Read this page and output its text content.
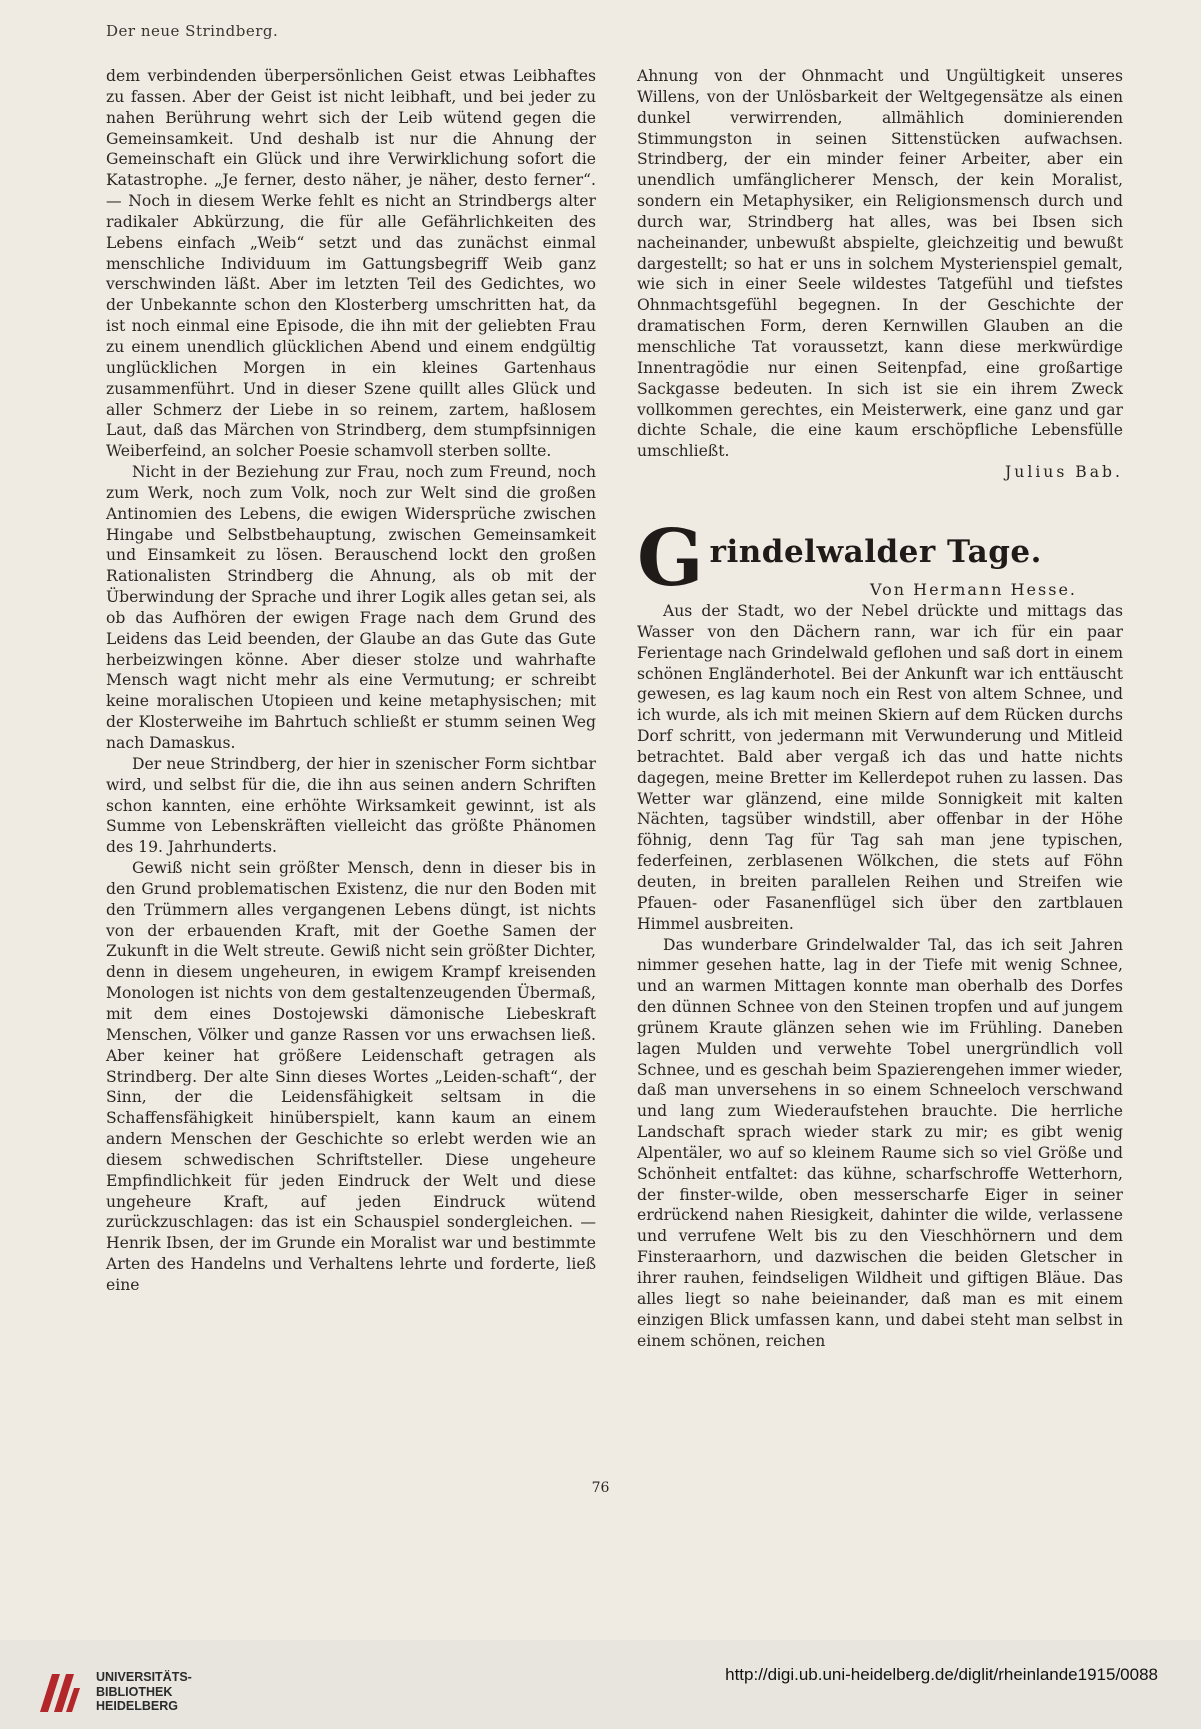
Der neue Strindberg.

dem verbindenden überpersönlichen Geist etwas Leibhaftes zu fassen. Aber der Geist ist nicht leibhaft, und bei jeder zu nahen Berührung wehrt sich der Leib wütend gegen die Gemeinsamkeit. Und deshalb ist nur die Ahnung der Gemeinschaft ein Glück und ihre Verwirklichung sofort die Katastrophe. „Je ferner, desto näher, je näher, desto ferner“. — Noch in diesem Werke fehlt es nicht an Strindbergs alter radikaler Abkürzung, die für alle Gefährlichkeiten des Lebens einfach „Weib“ setzt und das zunächst einmal menschliche Individuum im Gattungsbegriff Weib ganz verschwinden läßt. Aber im letzten Teil des Gedichtes, wo der Unbekannte schon den Klosterberg umschritten hat, da ist noch einmal eine Episode, die ihn mit der geliebten Frau zu einem unendlich glücklichen Abend und einem endgültig unglücklichen Morgen in ein kleines Gartenhaus zusammenführt. Und in dieser Szene quillt alles Glück und aller Schmerz der Liebe in so reinem, zartem, haßlosem Laut, daß das Märchen von Strindberg, dem stumpfsinnigen Weiberfeind, an solcher Poesie schamvoll sterben sollte.

Nicht in der Beziehung zur Frau, noch zum Freund, noch zum Werk, noch zum Volk, noch zur Welt sind die großen Antinomien des Lebens, die ewigen Widersprüche zwischen Hingabe und Selbstbehauptung, zwischen Gemeinsamkeit und Einsamkeit zu lösen. Berauschend lockt den großen Rationalisten Strindberg die Ahnung, als ob mit der Überwindung der Sprache und ihrer Logik alles getan sei, als ob das Aufhören der ewigen Frage nach dem Grund des Leidens das Leid beenden, der Glaube an das Gute das Gute herbeizwingen könne. Aber dieser stolze und wahrhafte Mensch wagt nicht mehr als eine Vermutung; er schreibt keine moralischen Utopieen und keine metaphysischen; mit der Klosterweihe im Bahrtuch schließt er stumm seinen Weg nach Damaskus.

Der neue Strindberg, der hier in szenischer Form sichtbar wird, und selbst für die, die ihn aus seinen andern Schriften schon kannten, eine erhöhte Wirksamkeit gewinnt, ist als Summe von Lebenskräften vielleicht das größte Phänomen des 19. Jahrhunderts.

Gewiß nicht sein größter Mensch, denn in dieser bis in den Grund problematischen Existenz, die nur den Boden mit den Trümmern alles vergangenen Lebens düngt, ist nichts von der erbauenden Kraft, mit der Goethe Samen der Zukunft in die Welt streute. Gewiß nicht sein größter Dichter, denn in diesem ungeheuren, in ewigem Krampf kreisenden Monologen ist nichts von dem gestaltenzeugenden Übermaß, mit dem eines Dostojewski dämonische Liebeskraft Menschen, Völker und ganze Rassen vor uns erwachsen ließ. Aber keiner hat größere Leidenschaft getragen als Strindberg. Der alte Sinn dieses Wortes „Leiden-schaft“, der Sinn, der die Leidensfähigkeit seltsam in die Schaffensfähigkeit hinüberspielt, kann kaum an einem andern Menschen der Geschichte so erlebt werden wie an diesem schwedischen Schriftsteller. Diese ungeheure Empfindlichkeit für jeden Eindruck der Welt und diese ungeheure Kraft, auf jeden Eindruck wütend zurückzuschlagen: das ist ein Schauspiel sondergleichen. — Henrik Ibsen, der im Grunde ein Moralist war und bestimmte Arten des Handelns und Verhaltens lehrte und forderte, ließ eine

Ahnung von der Ohnmacht und Ungültigkeit unseres Willens, von der Unlösbarkeit der Weltgegensätze als einen dunkel verwirrenden, allmählich dominierenden Stimmungston in seinen Sittenstücken aufwachsen. Strindberg, der ein minder feiner Arbeiter, aber ein unendlich umfänglicherer Mensch, der kein Moralist, sondern ein Metaphysiker, ein Religionsmensch durch und durch war, Strindberg hat alles, was bei Ibsen sich nacheinander, unbewußt abspielte, gleichzeitig und bewußt dargestellt; so hat er uns in solchem Mysterienspiel gemalt, wie sich in einer Seele wildestes Tatgefühl und tiefstes Ohnmachtsgefühl begegnen. In der Geschichte der dramatischen Form, deren Kernwillen Glauben an die menschliche Tat voraussetzt, kann diese merkwürdige Innentragödie nur einen Seitenpfad, eine großartige Sackgasse bedeuten. In sich ist sie ein ihrem Zweck vollkommen gerechtes, ein Meisterwerk, eine ganz und gar dichte Schale, die eine kaum erschöpfliche Lebensfülle umschließt.

Julius Bab.
G rindelwalder Tage.
Von Hermann Hesse.

Aus der Stadt, wo der Nebel drückte und mittags das Wasser von den Dächern rann, war ich für ein paar Ferientage nach Grindelwald geflohen und saß dort in einem schönen Engländerhotel. Bei der Ankunft war ich enttäuscht gewesen, es lag kaum noch ein Rest von altem Schnee, und ich wurde, als ich mit meinen Skiern auf dem Rücken durchs Dorf schritt, von jedermann mit Verwunderung und Mitleid betrachtet. Bald aber vergaß ich das und hatte nichts dagegen, meine Bretter im Kellerdepot ruhen zu lassen. Das Wetter war glänzend, eine milde Sonnigkeit mit kalten Nächten, tagsüber windstill, aber offenbar in der Höhe föhnig, denn Tag für Tag sah man jene typischen, federfeinen, zerblasenen Wölkchen, die stets auf Föhn deuten, in breiten parallelen Reihen und Streifen wie Pfauen- oder Fasanenflügel sich über den zartblauen Himmel ausbreiten.

Das wunderbare Grindelwalder Tal, das ich seit Jahren nimmer gesehen hatte, lag in der Tiefe mit wenig Schnee, und an warmen Mittagen konnte man oberhalb des Dorfes den dünnen Schnee von den Steinen tropfen und auf jungem grünem Kraute glänzen sehen wie im Frühling. Daneben lagen Mulden und verwehte Tobel unergründlich voll Schnee, und es geschah beim Spazierengehen immer wieder, daß man unversehens in so einem Schneeloch verschwand und lang zum Wiederaufstehen brauchte. Die herrliche Landschaft sprach wieder stark zu mir; es gibt wenig Alpentäler, wo auf so kleinem Raume sich so viel Größe und Schönheit entfaltet: das kühne, scharfschroffe Wetterhorn, der finster-wilde, oben messerscharfe Eiger in seiner erdrückend nahen Riesigkeit, dahinter die wilde, verlassene und verrufene Welt bis zu den Vieschhörnern und dem Finsteraarhorn, und dazwischen die beiden Gletscher in ihrer rauhen, feindseligen Wildheit und giftigen Bläue. Das alles liegt so nahe beieinander, daß man es mit einem einzigen Blick umfassen kann, und dabei steht man selbst in einem schönen, reichen

76
UNIVERSITÄTS-
BIBLIOTHEK
HEIDELBERG
http://digi.ub.uni-heidelberg.de/diglit/rheinlande1915/0088
